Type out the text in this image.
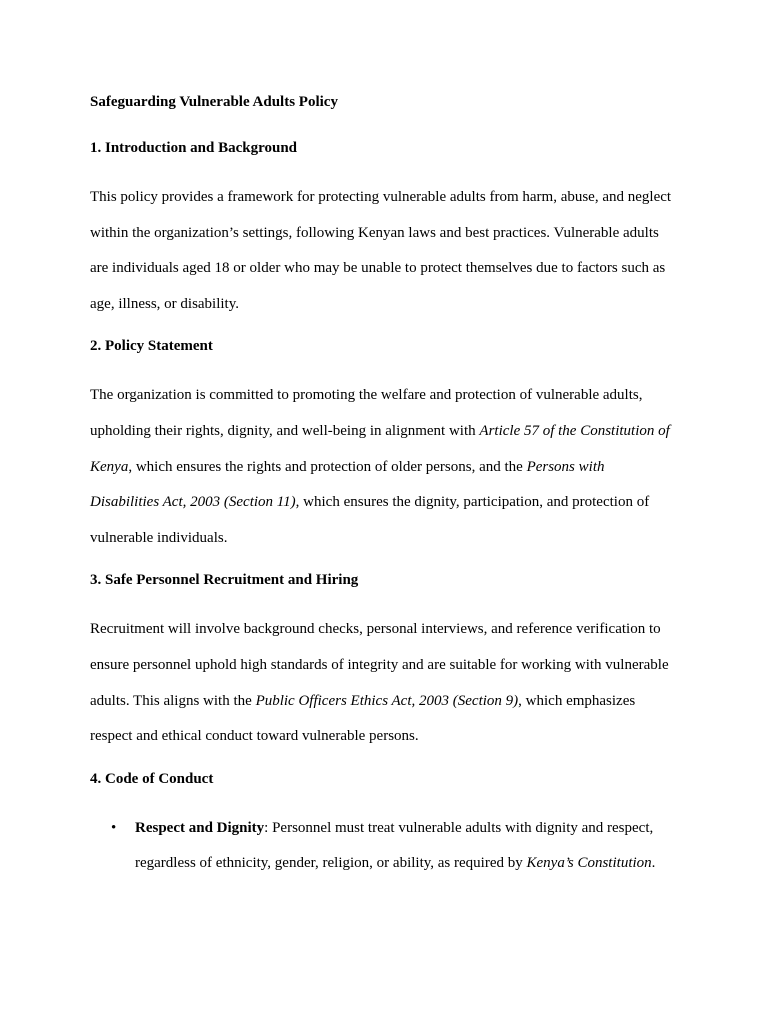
Safeguarding Vulnerable Adults Policy
1. Introduction and Background
This policy provides a framework for protecting vulnerable adults from harm, abuse, and neglect
within the organization’s settings, following Kenyan laws and best practices. Vulnerable adults
are individuals aged 18 or older who may be unable to protect themselves due to factors such as
age, illness, or disability.
2. Policy Statement
The organization is committed to promoting the welfare and protection of vulnerable adults,
upholding their rights, dignity, and well-being in alignment with Article 57 of the Constitution of
Kenya, which ensures the rights and protection of older persons, and the Persons with
Disabilities Act, 2003 (Section 11), which ensures the dignity, participation, and protection of
vulnerable individuals.
3. Safe Personnel Recruitment and Hiring
Recruitment will involve background checks, personal interviews, and reference verification to
ensure personnel uphold high standards of integrity and are suitable for working with vulnerable
adults. This aligns with the Public Officers Ethics Act, 2003 (Section 9), which emphasizes
respect and ethical conduct toward vulnerable persons.
4. Code of Conduct
• Respect and Dignity: Personnel must treat vulnerable adults with dignity and respect,
regardless of ethnicity, gender, religion, or ability, as required by Kenya’s Constitution.
